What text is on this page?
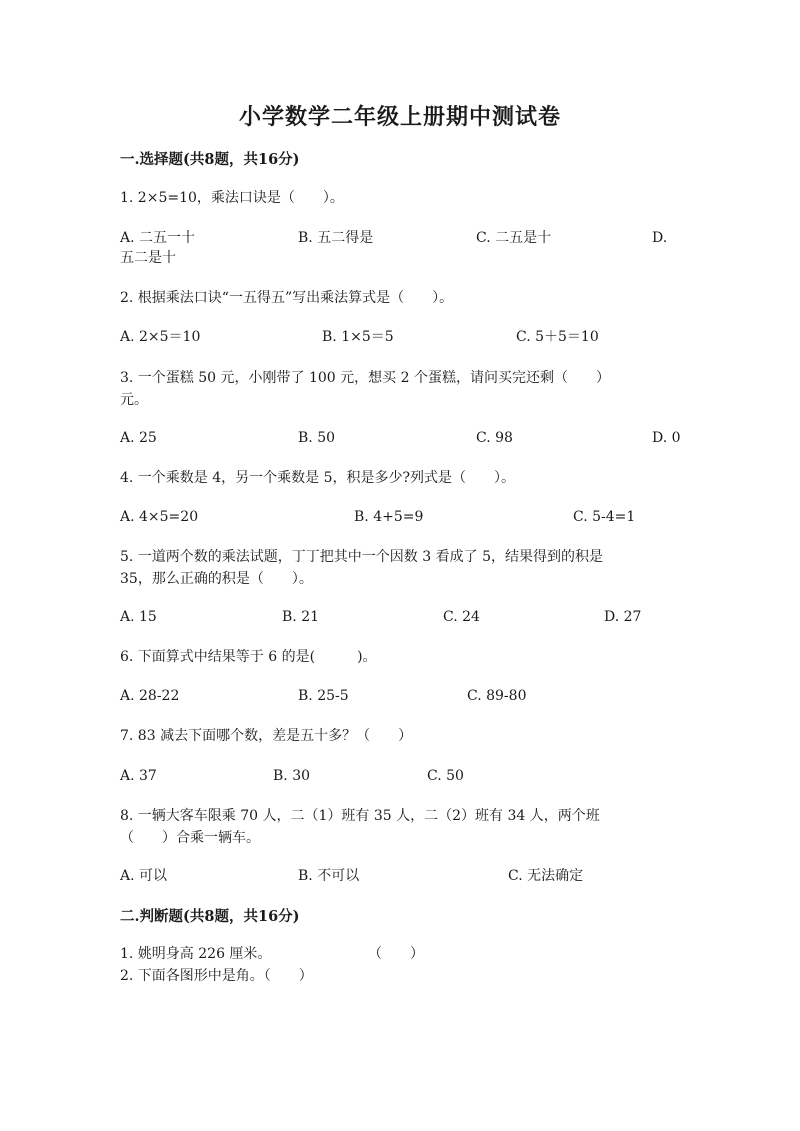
小学数学二年级上册期中测试卷
一.选择题(共8题，共16分)
1. 2×5=10，乘法口诀是（　　）。
A. 二五一十	B. 五二得是	C. 二五是十	D.
五二是十
2. 根据乘法口诀“一五得五”写出乘法算式是（　　）。
A. 2×5＝10	B. 1×5＝5	C. 5＋5＝10
3. 一个蛋糕 50 元，小刚带了 100 元，想买 2 个蛋糕，请问买完还剩（　　）
元。
A. 25	B. 50	C. 98	D. 0
4. 一个乘数是 4，另一个乘数是 5，积是多少?列式是（　　）。
A. 4×5=20	B. 4+5=9	C. 5-4=1
5. 一道两个数的乘法试题，丁丁把其中一个因数 3 看成了 5，结果得到的积是
35，那么正确的积是（　　）。
A. 15	B. 21	C. 24	D. 27
6. 下面算式中结果等于 6 的是(　　　)。
A. 28-22	B. 25-5	C. 89-80
7. 83 减去下面哪个数，差是五十多？（　　）
A. 37	B. 30	C. 50
8. 一辆大客车限乘 70 人，二（1）班有 35 人，二（2）班有 34 人，两个班
（　　）合乘一辆车。
A. 可以	B. 不可以	C. 无法确定
二.判断题(共8题，共16分)
1. 姚明身高 226 厘米。	（　　）
2. 下面各图形中是角。（　　）
